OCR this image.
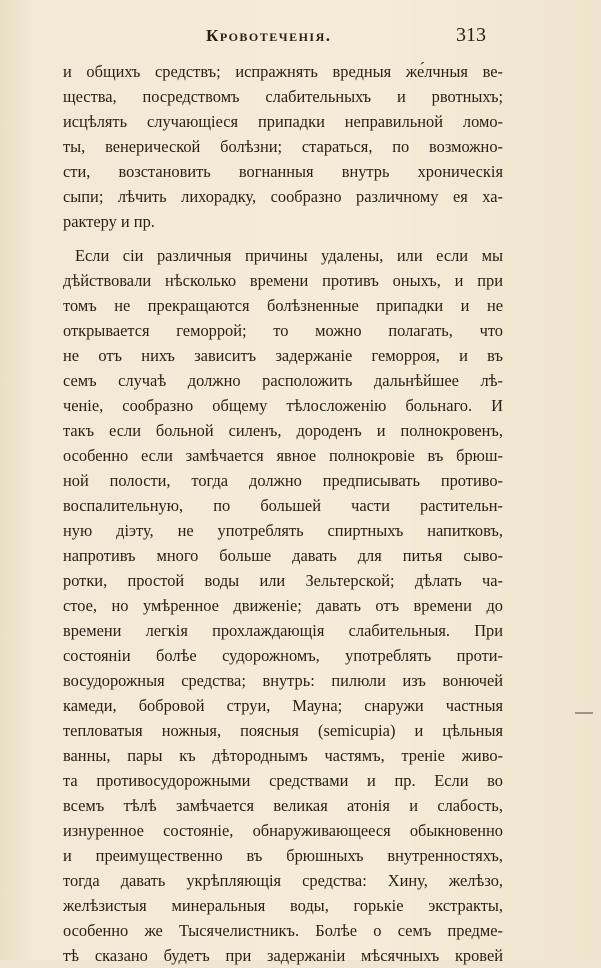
Кровотеченія.	313
и общихъ средствъ; испражнять вредныя же́лчныя ве-
щества, посредствомъ слабительныхъ и рвотныхъ;
исцѣлять случающіеся припадки неправильной ломо-
ты, венерической болѣзни; стараться, по возможно-
сти, возстановить вогнанныя внутрь хроническія
сыпи; лѣчить лихорадку, сообразно различному ея ха-
рактеру и пр.
Если сіи различныя причины удалены, или если мы
дѣйствовали нѣсколько времени противъ оныхъ, и при
томъ не прекращаются болѣзненные припадки и не
открывается геморрой; то можно полагать, что
не отъ нихъ зависитъ задержаніе геморроя, и въ
семъ случаѣ должно расположить дальнѣйшее лѣ-
ченіе, сообразно общему тѣлосложенію больнаго. И
такъ если больной силенъ, дороденъ и полнокровенъ,
особенно если замѣчается явное полнокровіе въ брюш-
ной полости, тогда должно предписывать противо-
воспалительную, по большей части растительн-
ную діэту, не употреблять спиртныхъ напитковъ,
напротивъ много больше давать для питья сыво-
ротки, простой воды или Зельтерской; дѣлать ча-
стое, но умѣренное движеніе; давать отъ времени до
времени легкія прохлаждающія слабительныя. При
состояніи болѣе судорожномъ, употреблять проти-
восудорожныя средства; внутрь: пилюли изъ вонючей
камеди, бобровой струи, Мауна; снаружи частныя
тепловатыя ножныя, поясныя (semicupia) и цѣльныя
ванны, пары къ дѣтороднымъ частямъ, треніе живо-
та противосудорожными средствами и пр. Если во
всемъ тѣлѣ замѣчается великая атонія и слабость,
изнуренное состояніе, обнаруживающееся обыкновенно
и преимущественно въ брюшныхъ внутренностяхъ,
тогда давать укрѣпляющія средства: Хину, желѣзо,
желѣзистыя минеральныя воды, горькіе экстракты,
особенно же Тысячелистникъ. Болѣе о семъ предме-
тѣ сказано будетъ при задержаніи мѣсячныхъ кровей
